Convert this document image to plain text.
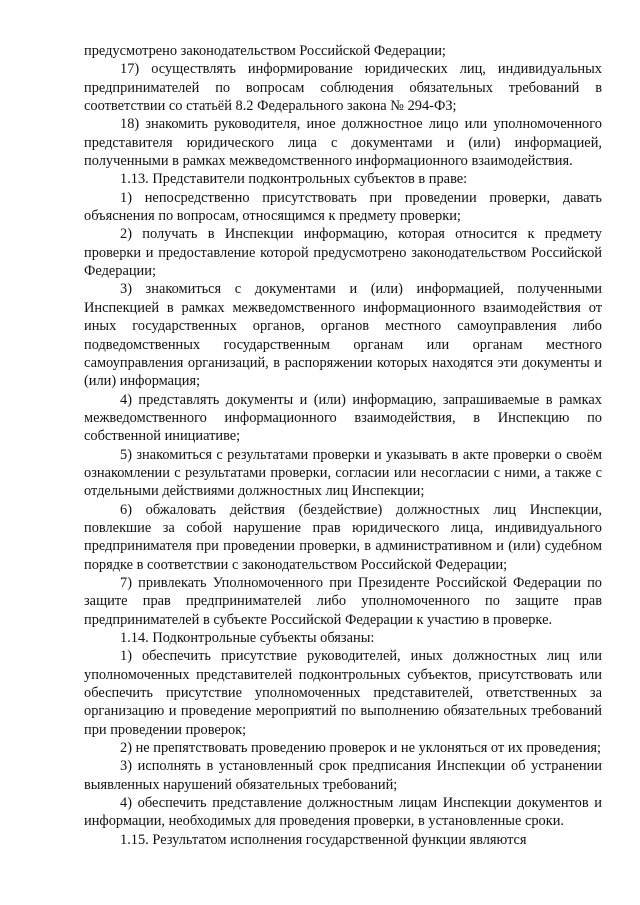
предусмотрено законодательством Российской Федерации;

17) осуществлять информирование юридических лиц, индивидуальных предпринимателей по вопросам соблюдения обязательных требований в соответствии со статьёй 8.2 Федерального закона № 294-ФЗ;

18) знакомить руководителя, иное должностное лицо или уполномоченного представителя юридического лица с документами и (или) информацией, полученными в рамках межведомственного информационного взаимодействия.

1.13. Представители подконтрольных субъектов в праве:

1) непосредственно присутствовать при проведении проверки, давать объяснения по вопросам, относящимся к предмету проверки;

2) получать в Инспекции информацию, которая относится к предмету проверки и предоставление которой предусмотрено законодательством Российской Федерации;

3) знакомиться с документами и (или) информацией, полученными Инспекцией в рамках межведомственного информационного взаимодействия от иных государственных органов, органов местного самоуправления либо подведомственных государственным органам или органам местного самоуправления организаций, в распоряжении которых находятся эти документы и (или) информация;

4) представлять документы и (или) информацию, запрашиваемые в рамках межведомственного информационного взаимодействия, в Инспекцию по собственной инициативе;

5) знакомиться с результатами проверки и указывать в акте проверки о своём ознакомлении с результатами проверки, согласии или несогласии с ними, а также с отдельными действиями должностных лиц Инспекции;

6) обжаловать действия (бездействие) должностных лиц Инспекции, повлекшие за собой нарушение прав юридического лица, индивидуального предпринимателя при проведении проверки, в административном и (или) судебном порядке в соответствии с законодательством Российской Федерации;

7) привлекать Уполномоченного при Президенте Российской Федерации по защите прав предпринимателей либо уполномоченного по защите прав предпринимателей в субъекте Российской Федерации к участию в проверке.

1.14. Подконтрольные субъекты обязаны:

1) обеспечить присутствие руководителей, иных должностных лиц или уполномоченных представителей подконтрольных субъектов, присутствовать или обеспечить присутствие уполномоченных представителей, ответственных за организацию и проведение мероприятий по выполнению обязательных требований при проведении проверок;

2) не препятствовать проведению проверок и не уклоняться от их проведения;

3) исполнять в установленный срок предписания Инспекции об устранении выявленных нарушений обязательных требований;

4) обеспечить представление должностным лицам Инспекции документов и информации, необходимых для проведения проверки, в установленные сроки.

1.15. Результатом исполнения государственной функции являются
